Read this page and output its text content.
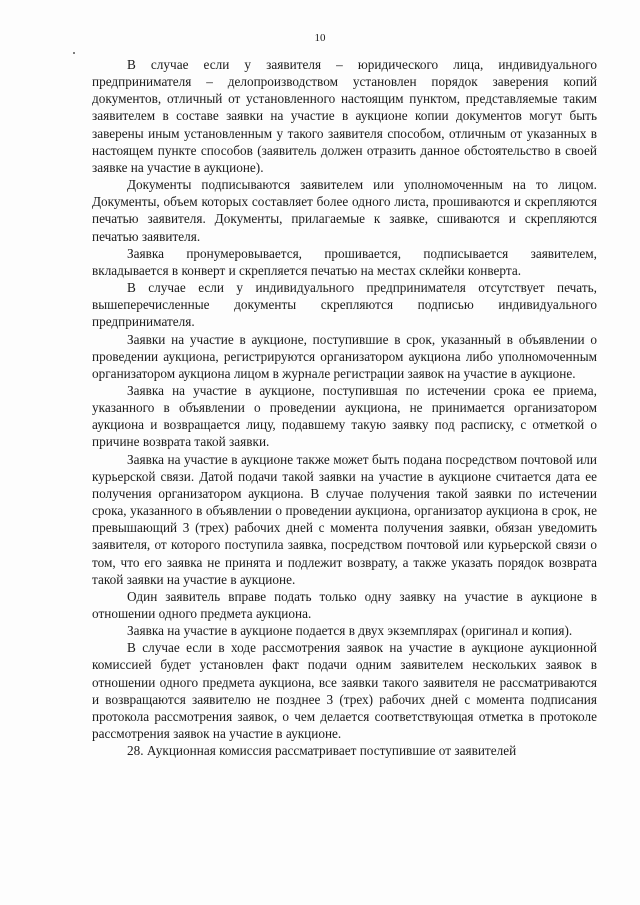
10

В случае если у заявителя – юридического лица, индивидуального предпринимателя – делопроизводством установлен порядок заверения копий документов, отличный от установленного настоящим пунктом, представляемые таким заявителем в составе заявки на участие в аукционе копии документов могут быть заверены иным установленным у такого заявителя способом, отличным от указанных в настоящем пункте способов (заявитель должен отразить данное обстоятельство в своей заявке на участие в аукционе).

Документы подписываются заявителем или уполномоченным на то лицом. Документы, объем которых составляет более одного листа, прошиваются и скрепляются печатью заявителя. Документы, прилагаемые к заявке, сшиваются и скрепляются печатью заявителя.

Заявка пронумеровывается, прошивается, подписывается заявителем, вкладывается в конверт и скрепляется печатью на местах склейки конверта.

В случае если у индивидуального предпринимателя отсутствует печать, вышеперечисленные документы скрепляются подписью индивидуального предпринимателя.

Заявки на участие в аукционе, поступившие в срок, указанный в объявлении о проведении аукциона, регистрируются организатором аукциона либо уполномоченным организатором аукциона лицом в журнале регистрации заявок на участие в аукционе.

Заявка на участие в аукционе, поступившая по истечении срока ее приема, указанного в объявлении о проведении аукциона, не принимается организатором аукциона и возвращается лицу, подавшему такую заявку под расписку, с отметкой о причине возврата такой заявки.

Заявка на участие в аукционе также может быть подана посредством почтовой или курьерской связи. Датой подачи такой заявки на участие в аукционе считается дата ее получения организатором аукциона. В случае получения такой заявки по истечении срока, указанного в объявлении о проведении аукциона, организатор аукциона в срок, не превышающий 3 (трех) рабочих дней с момента получения заявки, обязан уведомить заявителя, от которого поступила заявка, посредством почтовой или курьерской связи о том, что его заявка не принята и подлежит возврату, а также указать порядок возврата такой заявки на участие в аукционе.

Один заявитель вправе подать только одну заявку на участие в аукционе в отношении одного предмета аукциона.

Заявка на участие в аукционе подается в двух экземплярах (оригинал и копия).

В случае если в ходе рассмотрения заявок на участие в аукционе аукционной комиссией будет установлен факт подачи одним заявителем нескольких заявок в отношении одного предмета аукциона, все заявки такого заявителя не рассматриваются и возвращаются заявителю не позднее 3 (трех) рабочих дней с момента подписания протокола рассмотрения заявок, о чем делается соответствующая отметка в протоколе рассмотрения заявок на участие в аукционе.

28. Аукционная комиссия рассматривает поступившие от заявителей
